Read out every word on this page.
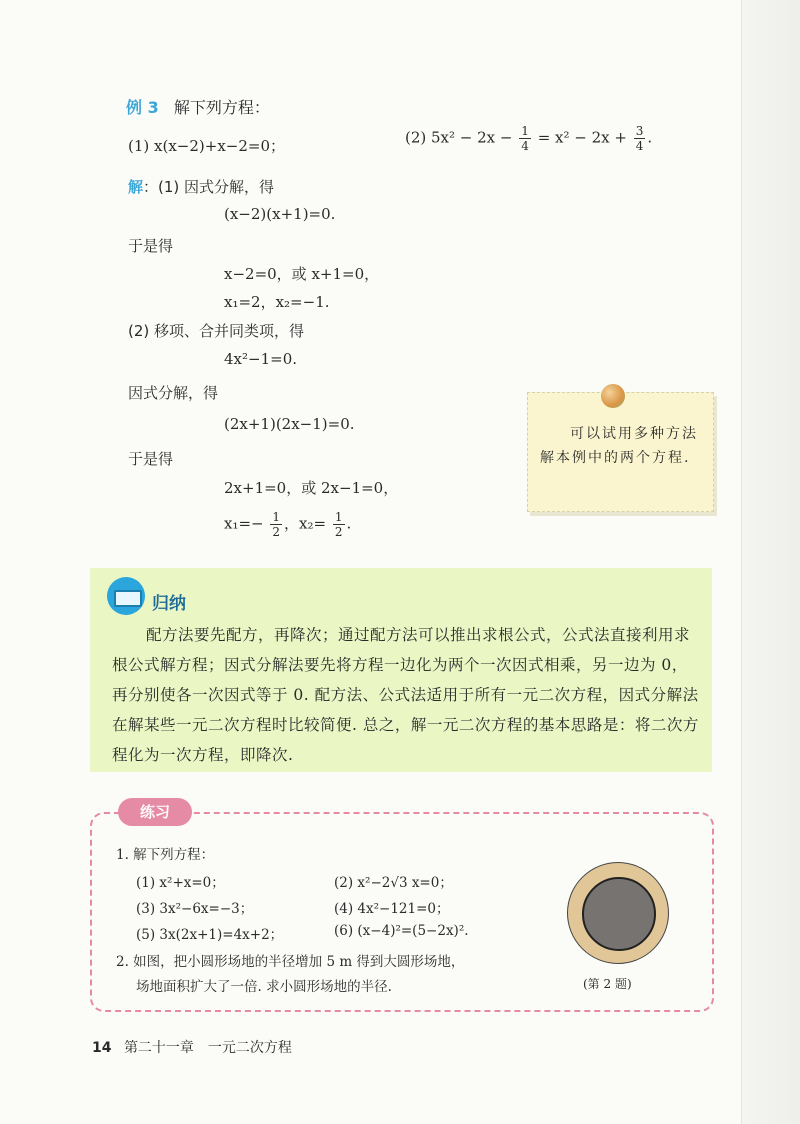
例 3 解下列方程：
(1) x(x−2)+x−2=0；	(2) $5x^2 - 2x - \frac{1}{4} = x^2 - 2x + \frac{3}{4}$ .
解：(1) 因式分解，得
(x−2)(x+1)=0.
于是得
x−2=0，或 x+1=0，
x₁=2，x₂=−1.
(2) 移项、合并同类项，得
4x²−1=0.
因式分解，得
(2x+1)(2x−1)=0.
于是得
2x+1=0，或 2x−1=0，
$x_1=- \frac{1}{2}$ ，$x_2= \frac{1}{2}$ .
可以试用多种方法解本例中的两个方程.
归纳
配方法要先配方，再降次；通过配方法可以推出求根公式，公式法直接利用求根公式解方程；因式分解法要先将方程一边化为两个一次因式相乘，另一边为 0，再分别使各一次因式等于 0. 配方法、公式法适用于所有一元二次方程，因式分解法在解某些一元二次方程时比较简便. 总之，解一元二次方程的基本思路是：将二次方程化为一次方程，即降次.
练习
1. 解下列方程：
(1) x²+x=0；	(2) x²−2√3 x=0；
(3) 3x²−6x=−3；	(4) 4x²−121=0；
(5) 3x(2x+1)=4x+2；	(6) (x−4)²=(5−2x)².
2. 如图，把小圆形场地的半径增加 5 m 得到大圆形场地，
场地面积扩大了一倍. 求小圆形场地的半径.	(第 2 题)
14 第二十一章　一元二次方程
